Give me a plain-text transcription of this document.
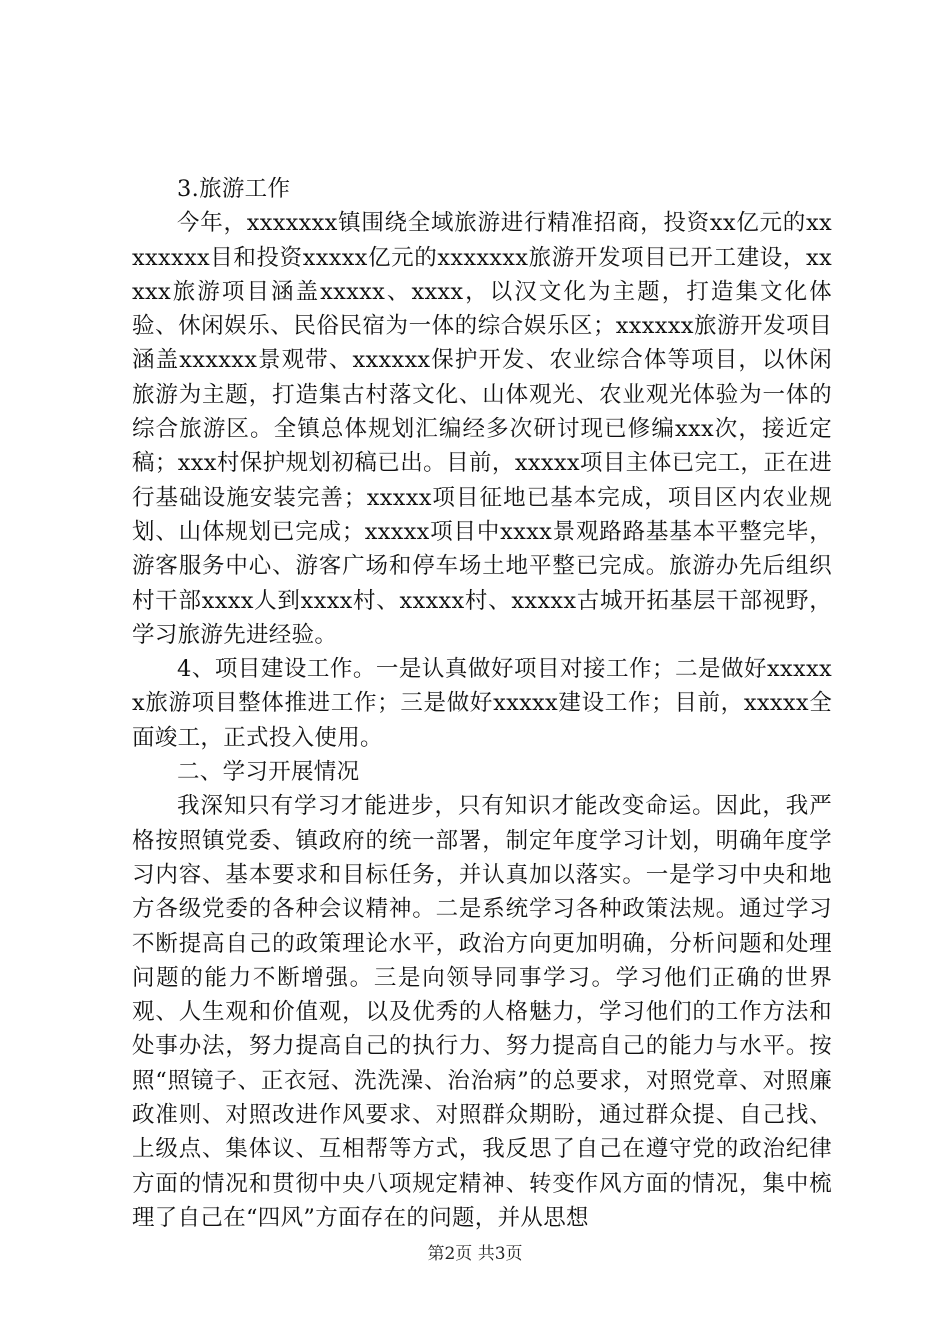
3.旅游工作

今年，xxxxxxx镇围绕全域旅游进行精准招商，投资xx亿元的xxxxxxxx目和投资xxxxx亿元的xxxxxxx旅游开发项目已开工建设，xxxxx旅游项目涵盖xxxxx、xxxx，以汉文化为主题，打造集文化体验、休闲娱乐、民俗民宿为一体的综合娱乐区；xxxxxx旅游开发项目涵盖xxxxxx景观带、xxxxxx保护开发、农业综合体等项目，以休闲旅游为主题，打造集古村落文化、山体观光、农业观光体验为一体的综合旅游区。全镇总体规划汇编经多次研讨现已修编xxx次，接近定稿；xxx村保护规划初稿已出。目前，xxxxx项目主体已完工，正在进行基础设施安装完善；xxxxx项目征地已基本完成，项目区内农业规划、山体规划已完成；xxxxx项目中xxxx景观路路基基本平整完毕，游客服务中心、游客广场和停车场土地平整已完成。旅游办先后组织村干部xxxx人到xxxx村、xxxxx村、xxxxx古城开拓基层干部视野，学习旅游先进经验。

4、项目建设工作。一是认真做好项目对接工作；二是做好xxxxxx旅游项目整体推进工作；三是做好xxxxx建设工作；目前，xxxxx全面竣工，正式投入使用。

二、学习开展情况

我深知只有学习才能进步，只有知识才能改变命运。因此，我严格按照镇党委、镇政府的统一部署，制定年度学习计划，明确年度学习内容、基本要求和目标任务，并认真加以落实。一是学习中央和地方各级党委的各种会议精神。二是系统学习各种政策法规。通过学习不断提高自己的政策理论水平，政治方向更加明确，分析问题和处理问题的能力不断增强。三是向领导同事学习。学习他们正确的世界观、人生观和价值观，以及优秀的人格魅力，学习他们的工作方法和处事办法，努力提高自己的执行力、努力提高自己的能力与水平。按照“照镜子、正衣冠、洗洗澡、治治病”的总要求，对照党章、对照廉政准则、对照改进作风要求、对照群众期盼，通过群众提、自己找、上级点、集体议、互相帮等方式，我反思了自己在遵守党的政治纪律方面的情况和贯彻中央八项规定精神、转变作风方面的情况，集中梳理了自己在“四风”方面存在的问题，并从思想

第2页 共3页
